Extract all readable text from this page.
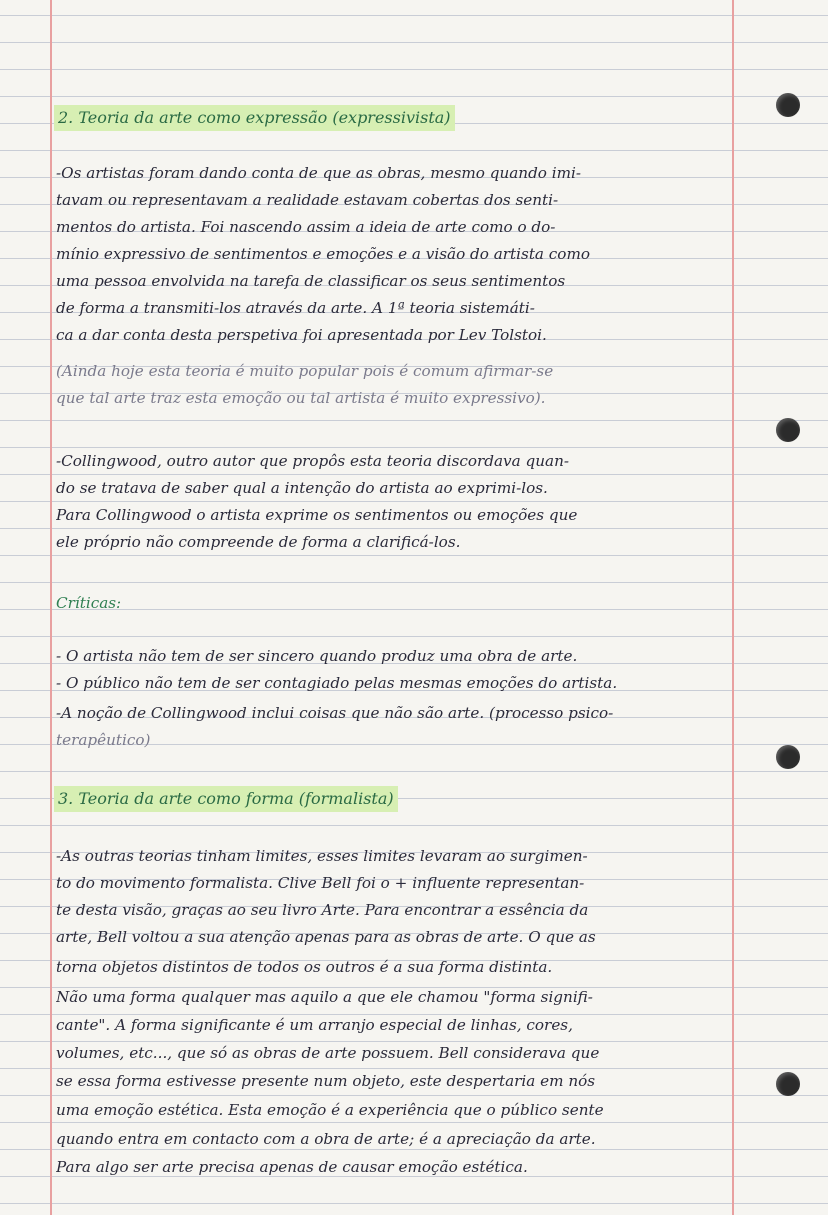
2. Teoria da arte como expressão (expressivista)
-Os artistas foram dando conta de que as obras, mesmo quando imi-
tavam ou representavam a realidade estavam cobertas dos senti-
mentos do artista. Foi nascendo assim a ideia de arte como o do-
mínio expressivo de sentimentos e emoções e a visão do artista como
uma pessoa envolvida na tarefa de classificar os seus sentimentos
de forma a transmiti-los através da arte. A 1ª teoria sistemáti-
ca a dar conta desta perspetiva foi apresentada por Lev Tolstoi.
(Ainda hoje esta teoria é muito popular pois é comum afirmar-se
que tal arte traz esta emoção ou tal artista é muito expressivo).
-Collingwood, outro autor que propôs esta teoria discordava quan-
do se tratava de saber qual a intenção do artista ao exprimi-los.
Para Collingwood o artista exprime os sentimentos ou emoções que
ele próprio não compreende de forma a clarificá-los.
Críticas:
- O artista não tem de ser sincero quando produz uma obra de arte.
- O público não tem de ser contagiado pelas mesmas emoções do artista.
-A noção de Collingwood inclui coisas que não são arte. (processo psico-
terapêutico)
3. Teoria da arte como forma (formalista)
-As outras teorias tinham limites, esses limites levaram ao surgimen-
to do movimento formalista. Clive Bell foi o + influente representan-
te desta visão, graças ao seu livro Arte. Para encontrar a essência da
arte, Bell voltou a sua atenção apenas para as obras de arte. O que as
torna objetos distintos de todos os outros é a sua forma distinta.
Não uma forma qualquer mas aquilo a que ele chamou "forma signifi-
cante". A forma significante é um arranjo especial de linhas, cores,
volumes, etc..., que só as obras de arte possuem. Bell considerava que
se essa forma estivesse presente num objeto, este despertaria em nós
uma emoção estética. Esta emoção é a experiência que o público sente
quando entra em contacto com a obra de arte; é a apreciação da arte.
Para algo ser arte precisa apenas de causar emoção estética.
